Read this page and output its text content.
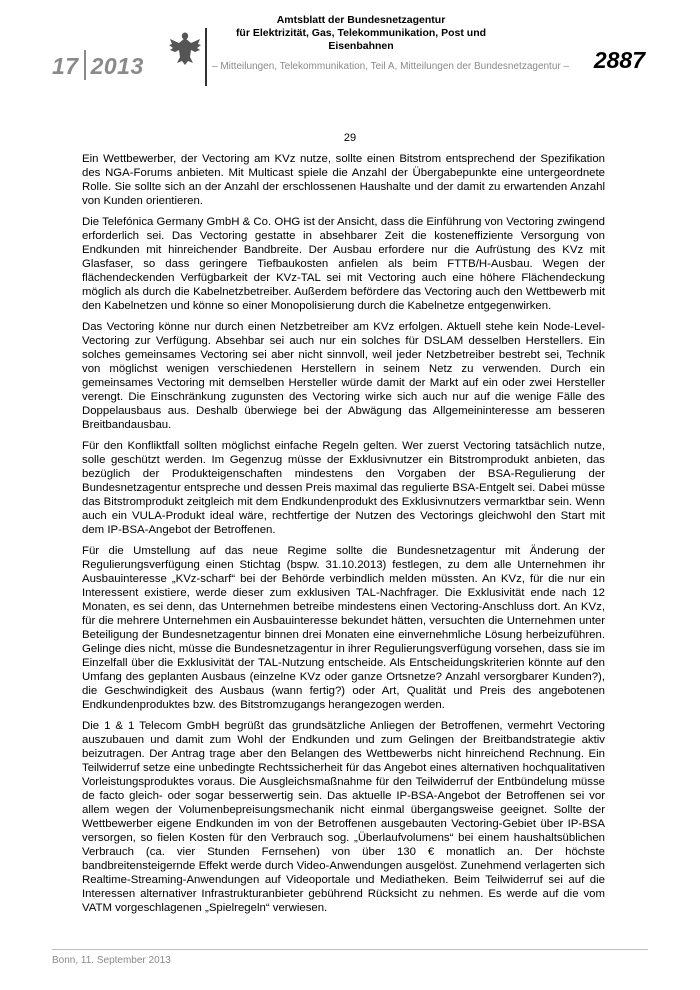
17 2013
Amtsblatt der Bundesnetzagentur
für Elektrizität, Gas, Telekommunikation, Post und Eisenbahnen
– Mitteilungen, Telekommunikation, Teil A, Mitteilungen der Bundesnetzagentur – 2887
29

Ein Wettbewerber, der Vectoring am KVz nutze, sollte einen Bitstrom entsprechend der Spezifikation des NGA-Forums anbieten. Mit Multicast spiele die Anzahl der Übergabepunkte eine untergeordnete Rolle. Sie sollte sich an der Anzahl der erschlossenen Haushalte und der damit zu erwartenden Anzahl von Kunden orientieren.

Die Telefónica Germany GmbH & Co. OHG ist der Ansicht, dass die Einführung von Vectoring zwingend erforderlich sei. Das Vectoring gestatte in absehbarer Zeit die kosteneffiziente Versorgung von Endkunden mit hinreichender Bandbreite. Der Ausbau erfordere nur die Aufrüstung des KVz mit Glasfaser, so dass geringere Tiefbaukosten anfielen als beim FTTB/H-Ausbau. Wegen der flächendeckenden Verfügbarkeit der KVz-TAL sei mit Vectoring auch eine höhere Flächendeckung möglich als durch die Kabelnetzbetreiber. Außerdem befördere das Vectoring auch den Wettbewerb mit den Kabelnetzen und könne so einer Monopolisierung durch die Kabelnetze entgegenwirken.

Das Vectoring könne nur durch einen Netzbetreiber am KVz erfolgen. Aktuell stehe kein Node-Level-Vectoring zur Verfügung. Absehbar sei auch nur ein solches für DSLAM desselben Herstellers. Ein solches gemeinsames Vectoring sei aber nicht sinnvoll, weil jeder Netzbetreiber bestrebt sei, Technik von möglichst wenigen verschiedenen Herstellern in seinem Netz zu verwenden. Durch ein gemeinsames Vectoring mit demselben Hersteller würde damit der Markt auf ein oder zwei Hersteller verengt. Die Einschränkung zugunsten des Vectoring wirke sich auch nur auf die wenige Fälle des Doppelausbaus aus. Deshalb überwiege bei der Abwägung das Allgemeininteresse am besseren Breitbandausbau.

Für den Konfliktfall sollten möglichst einfache Regeln gelten. Wer zuerst Vectoring tatsächlich nutze, solle geschützt werden. Im Gegenzug müsse der Exklusivnutzer ein Bitstromprodukt anbieten, das bezüglich der Produkteigenschaften mindestens den Vorgaben der BSA-Regulierung der Bundesnetzagentur entspreche und dessen Preis maximal das regulierte BSA-Entgelt sei. Dabei müsse das Bitstromprodukt zeitgleich mit dem Endkundenprodukt des Exklusivnutzers vermarktbar sein. Wenn auch ein VULA-Produkt ideal wäre, rechtfertige der Nutzen des Vectorings gleichwohl den Start mit dem IP-BSA-Angebot der Betroffenen.

Für die Umstellung auf das neue Regime sollte die Bundesnetzagentur mit Änderung der Regulierungsverfügung einen Stichtag (bspw. 31.10.2013) festlegen, zu dem alle Unternehmen ihr Ausbauinteresse „KVz-scharf“ bei der Behörde verbindlich melden müssten. An KVz, für die nur ein Interessent existiere, werde dieser zum exklusiven TAL-Nachfrager. Die Exklusivität ende nach 12 Monaten, es sei denn, das Unternehmen betreibe mindestens einen Vectoring-Anschluss dort. An KVz, für die mehrere Unternehmen ein Ausbauinteresse bekundet hätten, versuchten die Unternehmen unter Beteiligung der Bundesnetzagentur binnen drei Monaten eine einvernehmliche Lösung herbeizuführen. Gelinge dies nicht, müsse die Bundesnetzagentur in ihrer Regulierungsverfügung vorsehen, dass sie im Einzelfall über die Exklusivität der TAL-Nutzung entscheide. Als Entscheidungskriterien könnte auf den Umfang des geplanten Ausbaus (einzelne KVz oder ganze Ortsnetze? Anzahl versorgbarer Kunden?), die Geschwindigkeit des Ausbaus (wann fertig?) oder Art, Qualität und Preis des angebotenen Endkundenproduktes bzw. des Bitstromzugangs herangezogen werden.

Die 1 & 1 Telecom GmbH begrüßt das grundsätzliche Anliegen der Betroffenen, vermehrt Vectoring auszubauen und damit zum Wohl der Endkunden und zum Gelingen der Breitbandstrategie aktiv beizutragen. Der Antrag trage aber den Belangen des Wettbewerbs nicht hinreichend Rechnung. Ein Teilwiderruf setze eine unbedingte Rechtssicherheit für das Angebot eines alternativen hochqualitativen Vorleistungsproduktes voraus. Die Ausgleichsmaßnahme für den Teilwiderruf der Entbündelung müsse de facto gleich- oder sogar besserwertig sein. Das aktuelle IP-BSA-Angebot der Betroffenen sei vor allem wegen der Volumenbepreisungsmechanik nicht einmal übergangsweise geeignet. Sollte der Wettbewerber eigene Endkunden im von der Betroffenen ausgebauten Vectoring-Gebiet über IP-BSA versorgen, so fielen Kosten für den Verbrauch sog. „Überlaufvolumens“ bei einem haushaltsüblichen Verbrauch (ca. vier Stunden Fernsehen) von über 130 € monatlich an. Der höchste bandbreitensteigernde Effekt werde durch Video-Anwendungen ausgelöst. Zunehmend verlagerten sich Realtime-Streaming-Anwendungen auf Videoportale und Mediatheken. Beim Teilwiderruf sei auf die Interessen alternativer Infrastrukturanbieter gebührend Rücksicht zu nehmen. Es werde auf die vom VATM vorgeschlagenen „Spielregeln“ verwiesen.

Bonn, 11. September 2013
